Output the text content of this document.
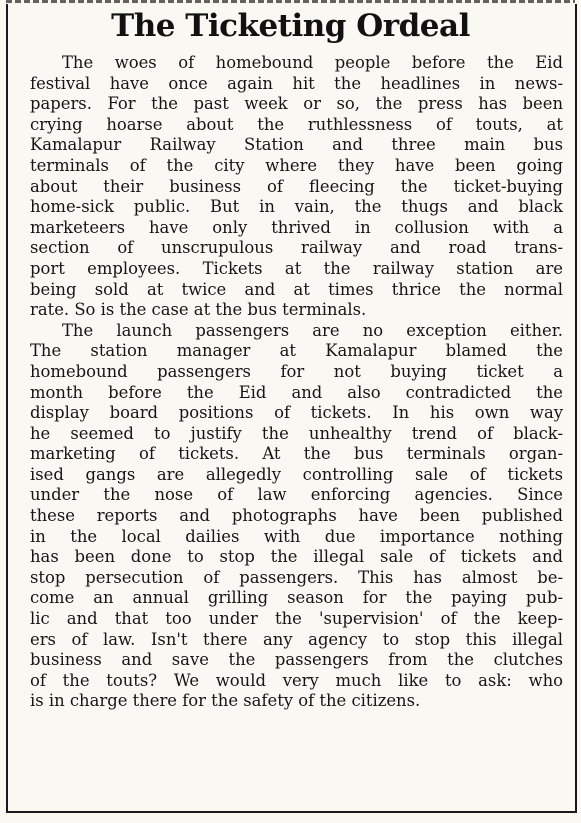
The Ticketing Ordeal
The woes of homebound people before the Eid
festival have once again hit the headlines in news-
papers. For the past week or so, the press has been
crying hoarse about the ruthlessness of touts, at
Kamalapur Railway Station and three main bus
terminals of the city where they have been going
about their business of fleecing the ticket-buying
home-sick public. But in vain, the thugs and black
marketeers have only thrived in collusion with a
section of unscrupulous railway and road trans-
port employees. Tickets at the railway station are
being sold at twice and at times thrice the normal
rate. So is the case at the bus terminals.
The launch passengers are no exception either.
The station manager at Kamalapur blamed the
homebound passengers for not buying ticket a
month before the Eid and also contradicted the
display board positions of tickets. In his own way
he seemed to justify the unhealthy trend of black-
marketing of tickets. At the bus terminals organ-
ised gangs are allegedly controlling sale of tickets
under the nose of law enforcing agencies. Since
these reports and photographs have been published
in the local dailies with due importance nothing
has been done to stop the illegal sale of tickets and
stop persecution of passengers. This has almost be-
come an annual grilling season for the paying pub-
lic and that too under the 'supervision' of the keep-
ers of law. Isn't there any agency to stop this illegal
business and save the passengers from the clutches
of the touts? We would very much like to ask: who
is in charge there for the safety of the citizens.
